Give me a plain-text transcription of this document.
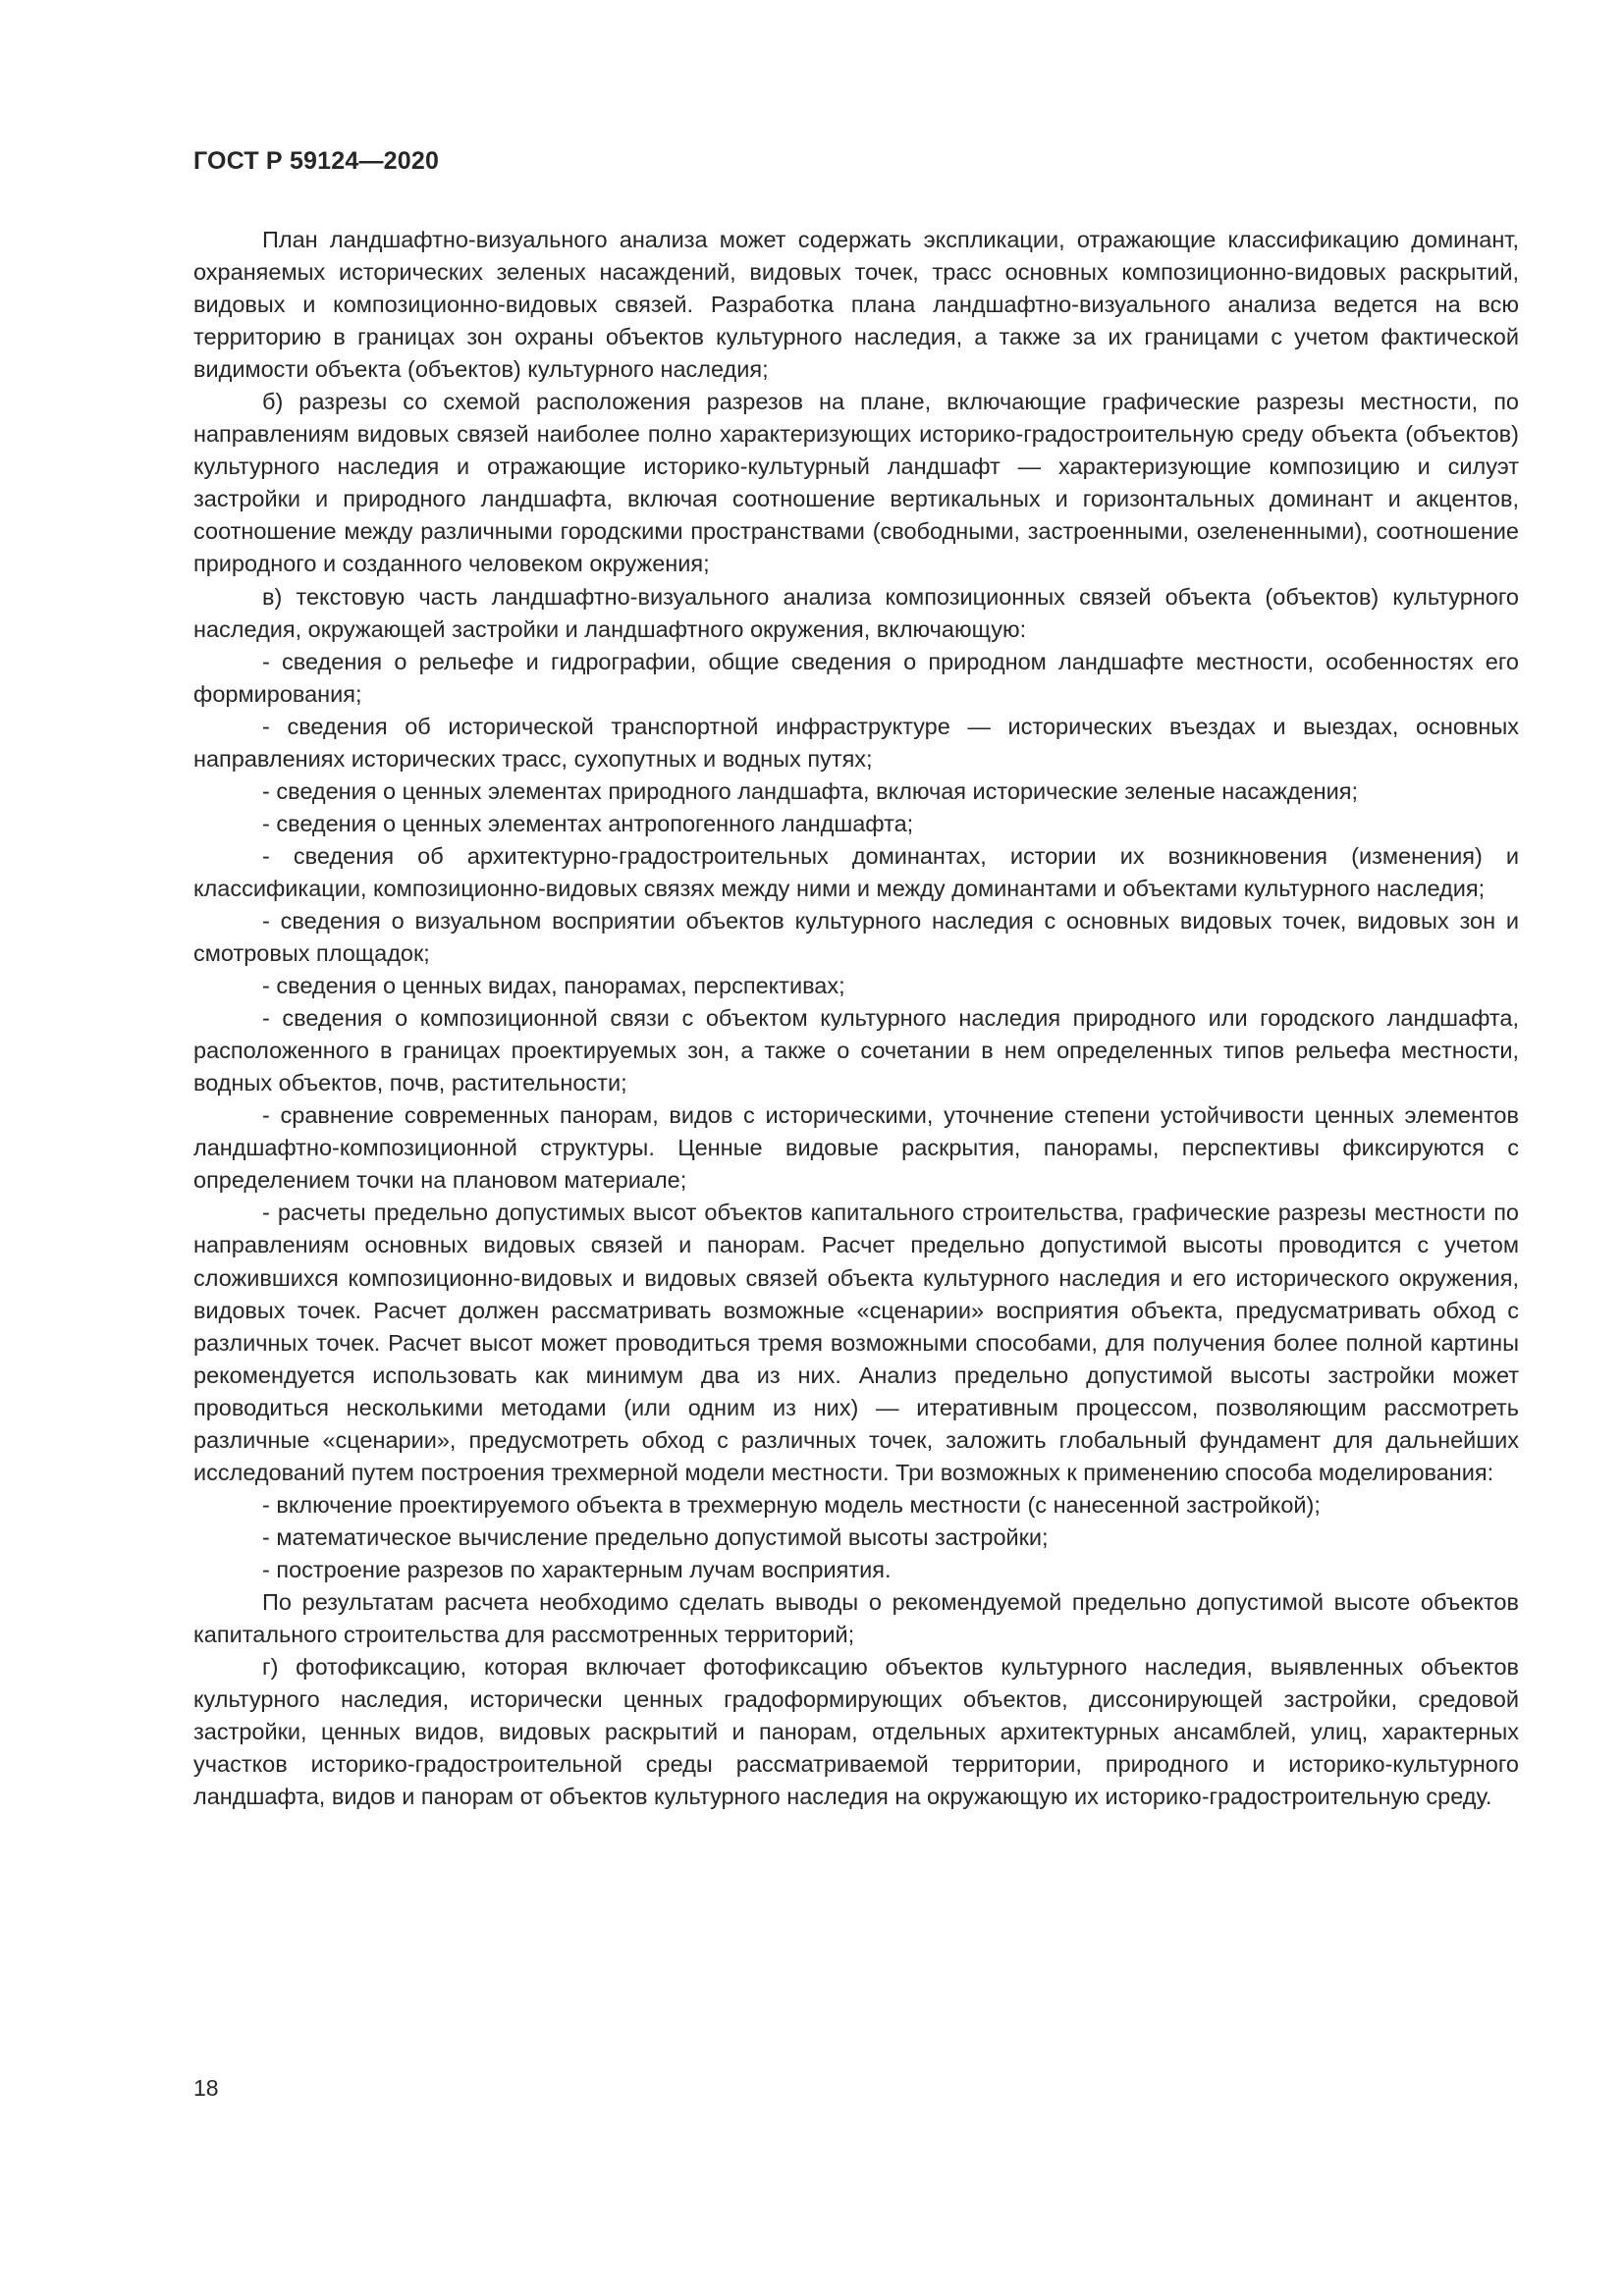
ГОСТ Р 59124—2020

План ландшафтно-визуального анализа может содержать экспликации, отражающие классификацию доминант, охраняемых исторических зеленых насаждений, видовых точек, трасс основных композиционно-видовых раскрытий, видовых и композиционно-видовых связей. Разработка плана ландшафтно-визуального анализа ведется на всю территорию в границах зон охраны объектов культурного наследия, а также за их границами с учетом фактической видимости объекта (объектов) культурного наследия;

б) разрезы со схемой расположения разрезов на плане, включающие графические разрезы местности, по направлениям видовых связей наиболее полно характеризующих историко-градостроительную среду объекта (объектов) культурного наследия и отражающие историко-культурный ландшафт — характеризующие композицию и силуэт застройки и природного ландшафта, включая соотношение вертикальных и горизонтальных доминант и акцентов, соотношение между различными городскими пространствами (свободными, застроенными, озелененными), соотношение природного и созданного человеком окружения;

в) текстовую часть ландшафтно-визуального анализа композиционных связей объекта (объектов) культурного наследия, окружающей застройки и ландшафтного окружения, включающую:

- сведения о рельефе и гидрографии, общие сведения о природном ландшафте местности, особенностях его формирования;

- сведения об исторической транспортной инфраструктуре — исторических въездах и выездах, основных направлениях исторических трасс, сухопутных и водных путях;

- сведения о ценных элементах природного ландшафта, включая исторические зеленые насаждения;

- сведения о ценных элементах антропогенного ландшафта;

- сведения об архитектурно-градостроительных доминантах, истории их возникновения (изменения) и классификации, композиционно-видовых связях между ними и между доминантами и объектами культурного наследия;

- сведения о визуальном восприятии объектов культурного наследия с основных видовых точек, видовых зон и смотровых площадок;

- сведения о ценных видах, панорамах, перспективах;

- сведения о композиционной связи с объектом культурного наследия природного или городского ландшафта, расположенного в границах проектируемых зон, а также о сочетании в нем определенных типов рельефа местности, водных объектов, почв, растительности;

- сравнение современных панорам, видов с историческими, уточнение степени устойчивости ценных элементов ландшафтно-композиционной структуры. Ценные видовые раскрытия, панорамы, перспективы фиксируются с определением точки на плановом материале;

- расчеты предельно допустимых высот объектов капитального строительства, графические разрезы местности по направлениям основных видовых связей и панорам. Расчет предельно допустимой высоты проводится с учетом сложившихся композиционно-видовых и видовых связей объекта культурного наследия и его исторического окружения, видовых точек. Расчет должен рассматривать возможные «сценарии» восприятия объекта, предусматривать обход с различных точек. Расчет высот может проводиться тремя возможными способами, для получения более полной картины рекомендуется использовать как минимум два из них. Анализ предельно допустимой высоты застройки может проводиться несколькими методами (или одним из них) — итеративным процессом, позволяющим рассмотреть различные «сценарии», предусмотреть обход с различных точек, заложить глобальный фундамент для дальнейших исследований путем построения трехмерной модели местности. Три возможных к применению способа моделирования:

- включение проектируемого объекта в трехмерную модель местности (с нанесенной застройкой);

- математическое вычисление предельно допустимой высоты застройки;

- построение разрезов по характерным лучам восприятия.

По результатам расчета необходимо сделать выводы о рекомендуемой предельно допустимой высоте объектов капитального строительства для рассмотренных территорий;

г) фотофиксацию, которая включает фотофиксацию объектов культурного наследия, выявленных объектов культурного наследия, исторически ценных градоформирующих объектов, диссонирующей застройки, средовой застройки, ценных видов, видовых раскрытий и панорам, отдельных архитектурных ансамблей, улиц, характерных участков историко-градостроительной среды рассматриваемой территории, природного и историко-культурного ландшафта, видов и панорам от объектов культурного наследия на окружающую их историко-градостроительную среду.

18
